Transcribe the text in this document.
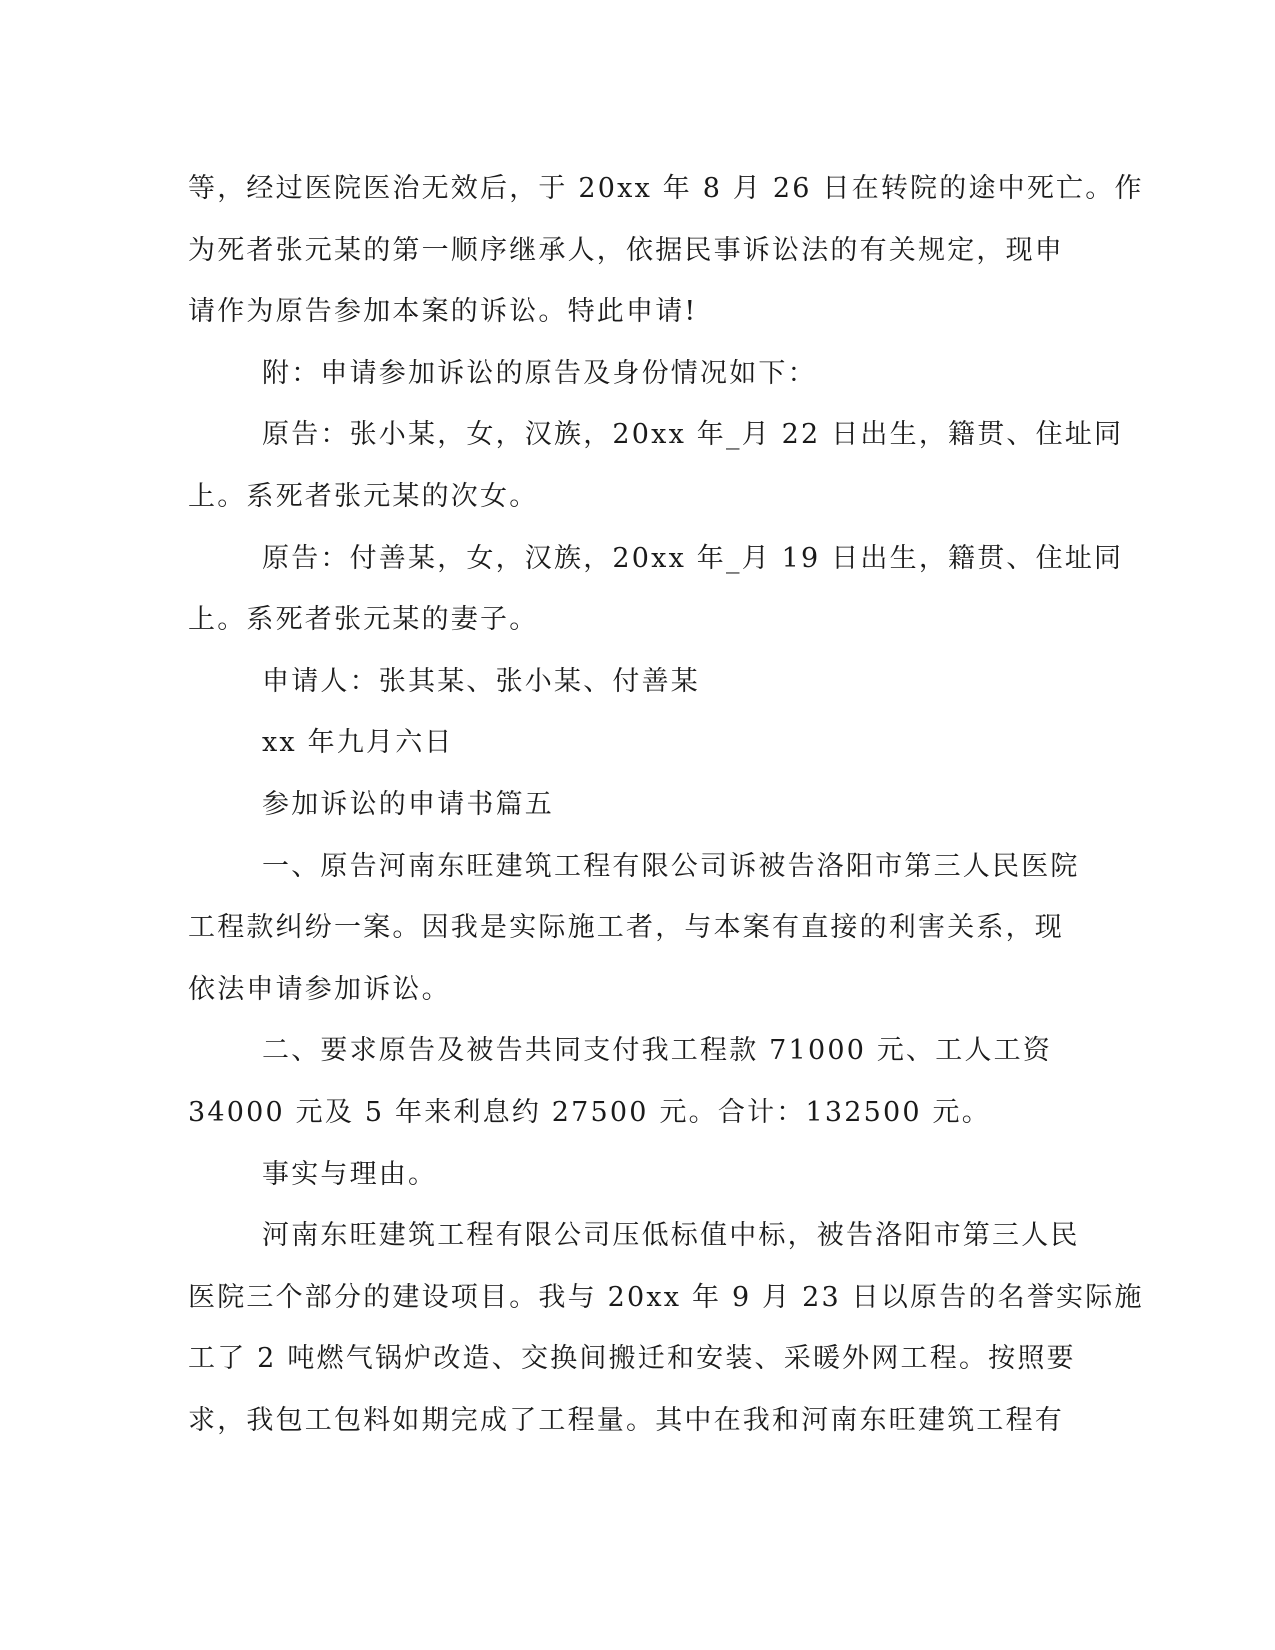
等，经过医院医治无效后，于 20xx 年 8 月 26 日在转院的途中死亡。作
为死者张元某的第一顺序继承人，依据民事诉讼法的有关规定，现申
请作为原告参加本案的诉讼。特此申请!
附：申请参加诉讼的原告及身份情况如下：
原告：张小某，女，汉族，20xx 年_月 22 日出生，籍贯、住址同
上。系死者张元某的次女。
原告：付善某，女，汉族，20xx 年_月 19 日出生，籍贯、住址同
上。系死者张元某的妻子。
申请人：张其某、张小某、付善某
xx 年九月六日
参加诉讼的申请书篇五
一、原告河南东旺建筑工程有限公司诉被告洛阳市第三人民医院
工程款纠纷一案。因我是实际施工者，与本案有直接的利害关系，现
依法申请参加诉讼。
二、要求原告及被告共同支付我工程款 71000 元、工人工资
34000 元及 5 年来利息约 27500 元。合计：132500 元。
事实与理由。
河南东旺建筑工程有限公司压低标值中标，被告洛阳市第三人民
医院三个部分的建设项目。我与 20xx 年 9 月 23 日以原告的名誉实际施
工了 2 吨燃气锅炉改造、交换间搬迁和安装、采暖外网工程。按照要
求，我包工包料如期完成了工程量。其中在我和河南东旺建筑工程有
